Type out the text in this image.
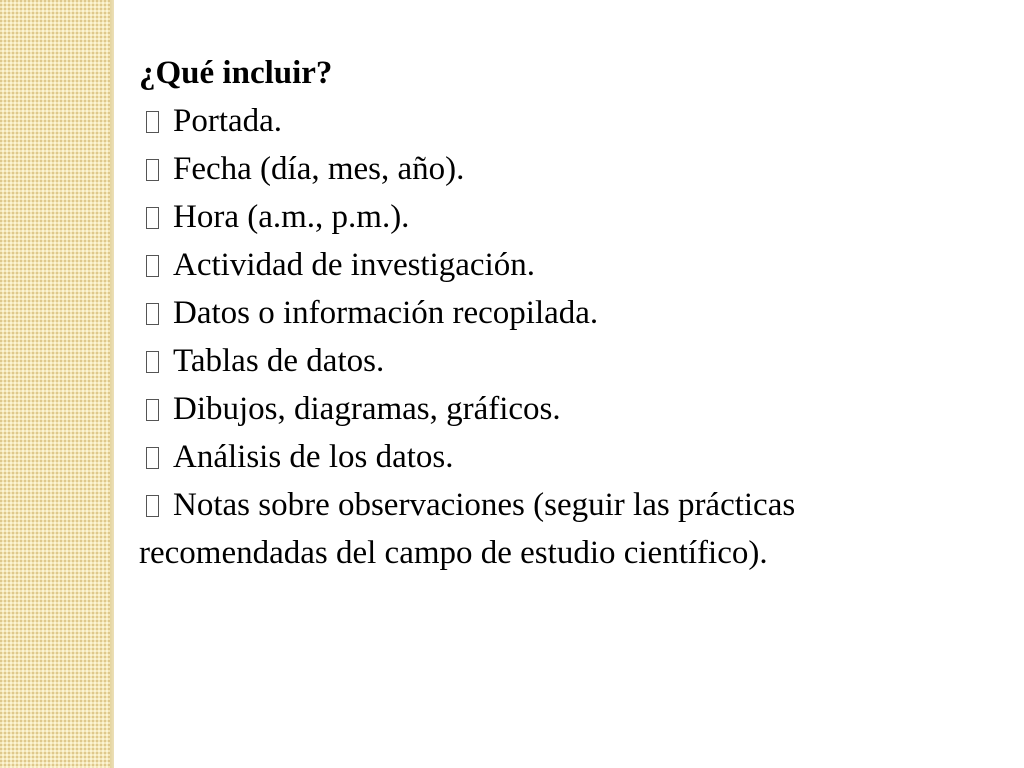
¿Qué incluir?

Portada.

Fecha (día, mes, año).

Hora (a.m., p.m.).

Actividad de investigación.

Datos o información recopilada.

Tablas de datos.

Dibujos, diagramas, gráficos.

Análisis de los datos.

Notas sobre observaciones (seguir las prácticas recomendadas del campo de estudio científico).
